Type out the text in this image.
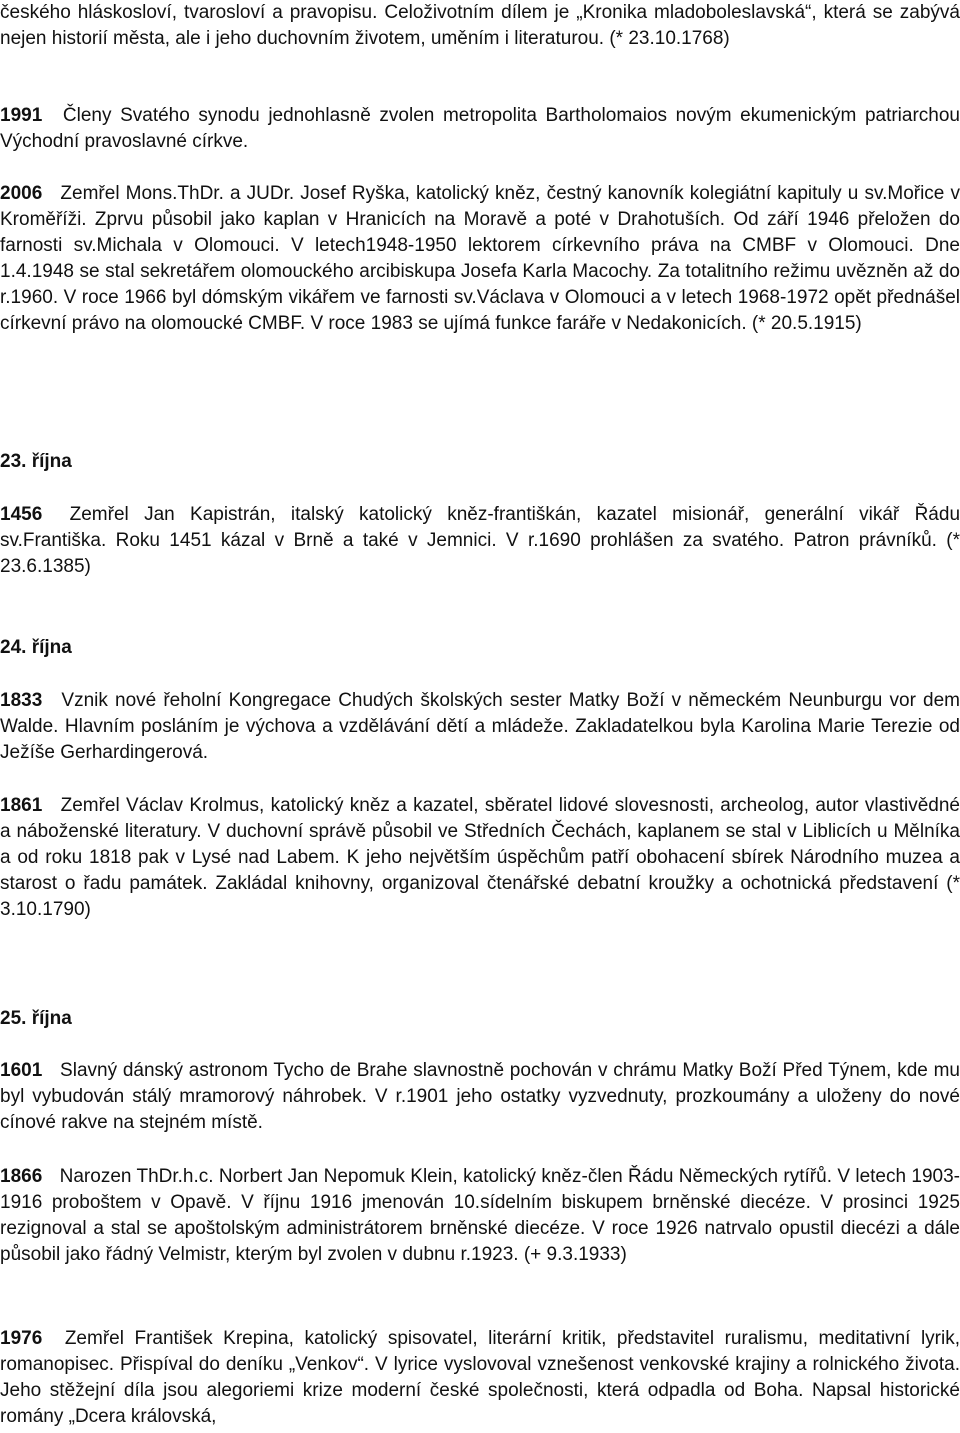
českého hláskosloví, tvarosloví a pravopisu. Celoživotním dílem je „Kronika mladoboleslavská“, která se zabývá nejen historií města, ale i jeho duchovním životem, uměním i literaturou. (* 23.10.1768)

1991 Členy Svatého synodu jednohlasně zvolen metropolita Bartholomaios novým ekumenickým patriarchou Východní pravoslavné církve.

2006 Zemřel Mons.ThDr. a JUDr. Josef Ryška, katolický kněz, čestný kanovník kolegiátní kapituly u sv.Mořice v Kroměříži. Zprvu působil jako kaplan v Hranicích na Moravě a poté v Drahotuších. Od září 1946 přeložen do farnosti sv.Michala v Olomouci. V letech1948-1950 lektorem církevního práva na CMBF v Olomouci. Dne 1.4.1948 se stal sekretářem olomouckého arcibiskupa Josefa Karla Macochy. Za totalitního režimu uvězněn až do r.1960. V roce 1966 byl dómským vikářem ve farnosti sv.Václava v Olomouci a v letech 1968-1972 opět přednášel církevní právo na olomoucké CMBF. V roce 1983 se ujímá funkce faráře v Nedakonicích. (* 20.5.1915)

23. října

1456 Zemřel Jan Kapistrán, italský katolický kněz-františkán, kazatel misionář, generální vikář Řádu sv.Františka. Roku 1451 kázal v Brně a také v Jemnici. V r.1690 prohlášen za svatého. Patron právníků. (* 23.6.1385)

24. října

1833 Vznik nové řeholní Kongregace Chudých školských sester Matky Boží v německém Neunburgu vor dem Walde. Hlavním posláním je výchova a vzdělávání dětí a mládeže. Zakladatelkou byla Karolina Marie Terezie od Ježíše Gerhardingerová.

1861 Zemřel Václav Krolmus, katolický kněz a kazatel, sběratel lidové slovesnosti, archeolog, autor vlastivědné a náboženské literatury. V duchovní správě působil ve Středních Čechách, kaplanem se stal v Liblicích u Mělníka a od roku 1818 pak v Lysé nad Labem. K jeho největším úspěchům patří obohacení sbírek Národního muzea a starost o řadu památek. Zakládal knihovny, organizoval čtenářské debatní kroužky a ochotnická představení (* 3.10.1790)

25. října

1601 Slavný dánský astronom Tycho de Brahe slavnostně pochován v chrámu Matky Boží Před Týnem, kde mu byl vybudován stálý mramorový náhrobek. V r.1901 jeho ostatky vyzvednuty, prozkoumány a uloženy do nové cínové rakve na stejném místě.

1866 Narozen ThDr.h.c. Norbert Jan Nepomuk Klein, katolický kněz-člen Řádu Německých rytířů. V letech 1903-1916 proboštem v Opavě. V říjnu 1916 jmenován 10.sídelním biskupem brněnské diecéze. V prosinci 1925 rezignoval a stal se apoštolským administrátorem brněnské diecéze. V roce 1926 natrvalo opustil diecézi a dále působil jako řádný Velmistr, kterým byl zvolen v dubnu r.1923. (+ 9.3.1933)

1976 Zemřel František Krepina, katolický spisovatel, literární kritik, představitel ruralismu, meditativní lyrik, romanopisec. Přispíval do deníku „Venkov“. V lyrice vyslovoval vznešenost venkovské krajiny a rolnického života. Jeho stěžejní díla jsou alegoriemi krize moderní české společnosti, která odpadla od Boha. Napsal historické romány „Dcera královská,
